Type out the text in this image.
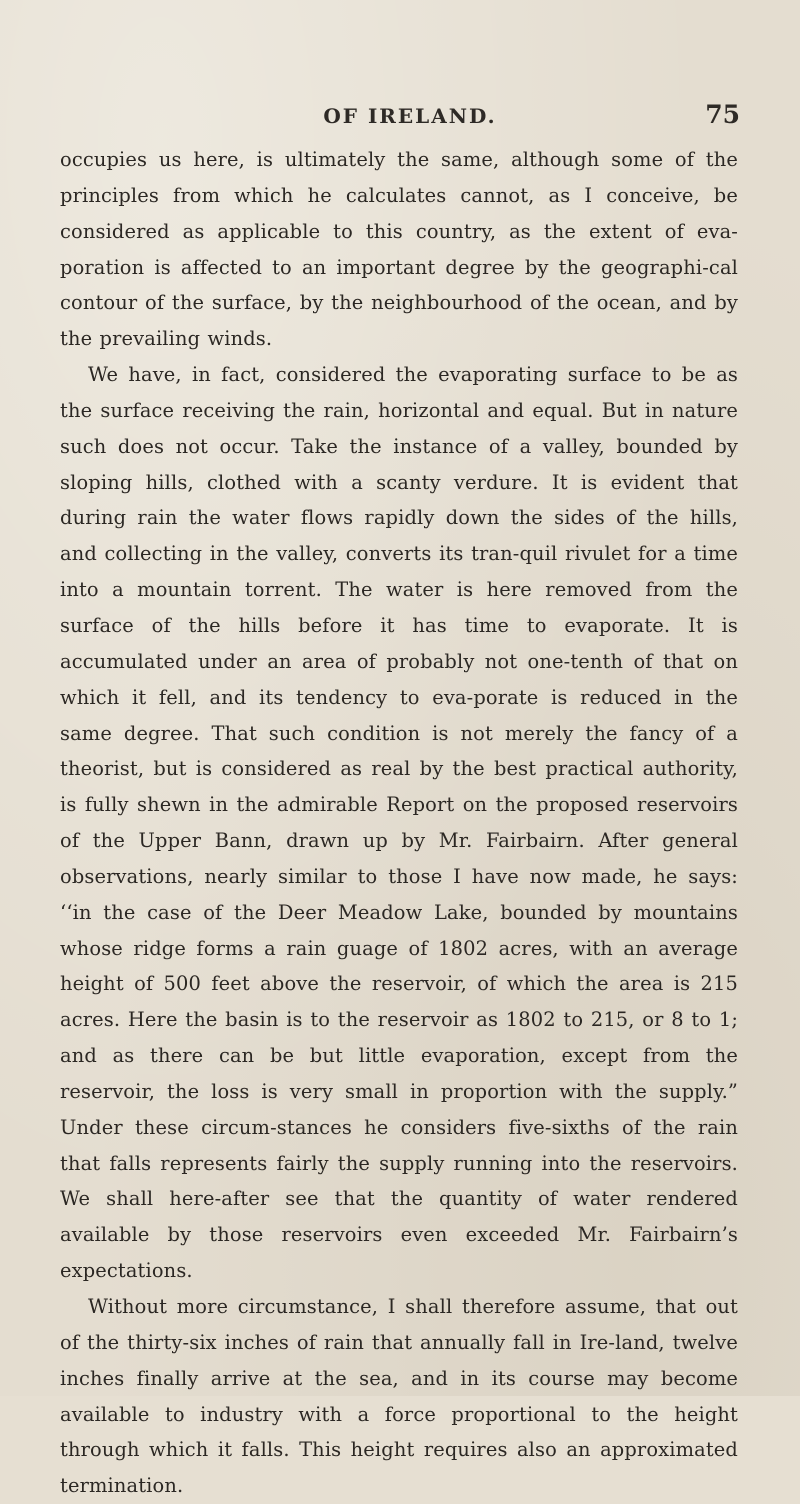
OF IRELAND.	75

occupies us here, is ultimately the same, although some of the principles from which he calculates cannot, as I conceive, be considered as applicable to this country, as the extent of eva-poration is affected to an important degree by the geographi-cal contour of the surface, by the neighbourhood of the ocean, and by the prevailing winds.

We have, in fact, considered the evaporating surface to be as the surface receiving the rain, horizontal and equal. But in nature such does not occur. Take the instance of a valley, bounded by sloping hills, clothed with a scanty verdure. It is evident that during rain the water flows rapidly down the sides of the hills, and collecting in the valley, converts its tran-quil rivulet for a time into a mountain torrent. The water is here removed from the surface of the hills before it has time to evaporate. It is accumulated under an area of probably not one-tenth of that on which it fell, and its tendency to eva-porate is reduced in the same degree. That such condition is not merely the fancy of a theorist, but is considered as real by the best practical authority, is fully shewn in the admirable Report on the proposed reservoirs of the Upper Bann, drawn up by Mr. Fairbairn. After general observations, nearly similar to those I have now made, he says: ‘‘in the case of the Deer Meadow Lake, bounded by mountains whose ridge forms a rain guage of 1802 acres, with an average height of 500 feet above the reservoir, of which the area is 215 acres. Here the basin is to the reservoir as 1802 to 215, or 8 to 1; and as there can be but little evaporation, except from the reservoir, the loss is very small in proportion with the supply.” Under these circum-stances he considers five-sixths of the rain that falls represents fairly the supply running into the reservoirs. We shall here-after see that the quantity of water rendered available by those reservoirs even exceeded Mr. Fairbairn’s expectations.

Without more circumstance, I shall therefore assume, that out of the thirty-six inches of rain that annually fall in Ire-land, twelve inches finally arrive at the sea, and in its course may become available to industry with a force proportional to the height through which it falls. This height requires also an approximated termination.
